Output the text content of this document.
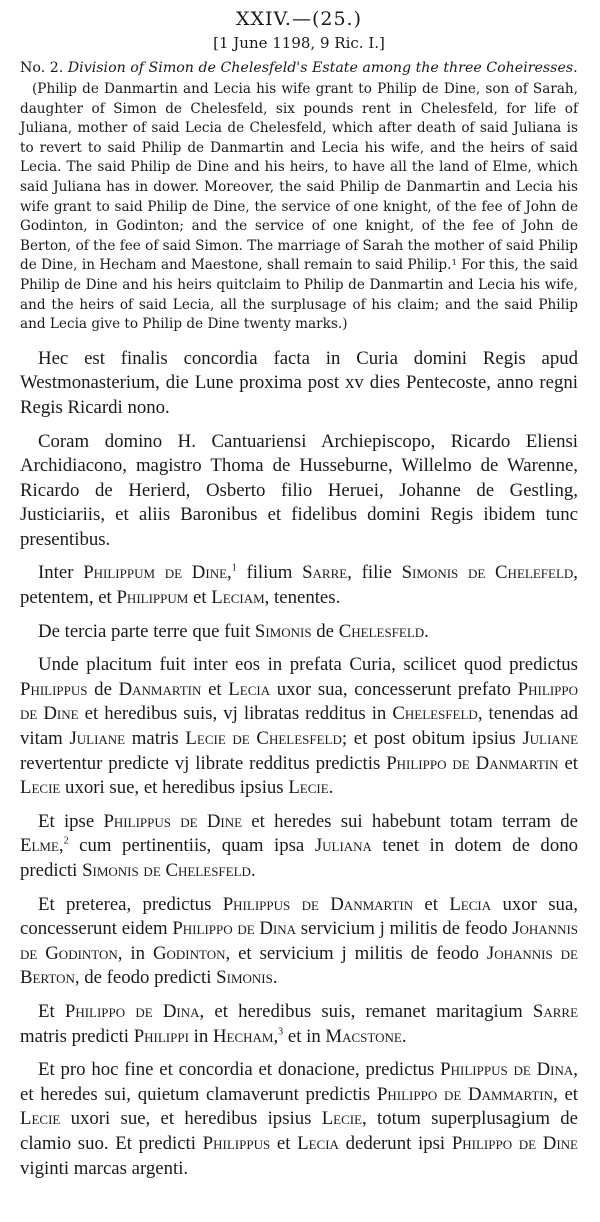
XXIV.—(25.)
[1 June 1198, 9 Ric. I.]
No. 2. Division of Simon de Chelesfeld's Estate among the three Coheiresses.

(Philip de Danmartin and Lecia his wife grant to Philip de Dine, son of Sarah, daughter of Simon de Chelesfeld, six pounds rent in Chelesfeld, for life of Juliana, mother of said Lecia de Chelesfeld, which after death of said Juliana is to revert to said Philip de Danmartin and Lecia his wife, and the heirs of said Lecia. The said Philip de Dine and his heirs, to have all the land of Elme, which said Juliana has in dower. Moreover, the said Philip de Danmartin and Lecia his wife grant to said Philip de Dine, the service of one knight, of the fee of John de Godinton, in Godinton; and the service of one knight, of the fee of John de Berton, of the fee of said Simon. The marriage of Sarah the mother of said Philip de Dine, in Hecham and Maestone, shall remain to said Philip.¹ For this, the said Philip de Dine and his heirs quitclaim to Philip de Danmartin and Lecia his wife, and the heirs of said Lecia, all the surplusage of his claim; and the said Philip and Lecia give to Philip de Dine twenty marks.)

Hec est finalis concordia facta in Curia domini Regis apud Westmonasterium, die Lune proxima post xv dies Pentecoste, anno regni Regis Ricardi nono.

Coram domino H. Cantuariensi Archiepiscopo, Ricardo Eliensi Archidiacono, magistro Thoma de Husseburne, Willelmo de Warenne, Ricardo de Herierd, Osberto filio Heruei, Johanne de Gestling, Justiciariis, et aliis Baronibus et fidelibus domini Regis ibidem tunc presentibus.

Inter Philippum de Dine,$^1$ filium Sarre, filie Simonis de Chelefeld, petentem, et Philippum et Leciam, tenentes.

De tercia parte terre que fuit Simonis de Chelesfeld.

Unde placitum fuit inter eos in prefata Curia, scilicet quod predictus Philippus de Danmartin et Lecia uxor sua, concesserunt prefato Philippo de Dine et heredibus suis, vj libratas redditus in Chelesfeld, tenendas ad vitam Juliane matris Lecie de Chelesfeld; et post obitum ipsius Juliane revertentur predicte vj librate redditus predictis Philippo de Danmartin et Lecie uxori sue, et heredibus ipsius Lecie.

Et ipse Philippus de Dine et heredes sui habebunt totam terram de Elme,$^2$ cum pertinentiis, quam ipsa Juliana tenet in dotem de dono predicti Simonis de Chelesfeld.

Et preterea, predictus Philippus de Danmartin et Lecia uxor sua, concesserunt eidem Philippo de Dina servicium j militis de feodo Johannis de Godinton, in Godinton, et servicium j militis de feodo Johannis de Berton, de feodo predicti Simonis.

Et Philippo de Dina, et heredibus suis, remanet maritagium Sarre matris predicti Philippi in Hecham,$^3$ et in Macstone.

Et pro hoc fine et concordia et donacione, predictus Philippus de Dina, et heredes sui, quietum clamaverunt predictis Philippo de Dammartin, et Lecie uxori sue, et heredibus ipsius Lecie, totum superplusagium de clamio suo. Et predicti Philippus et Lecia dederunt ipsi Philippo de Dine viginti marcas argenti.
